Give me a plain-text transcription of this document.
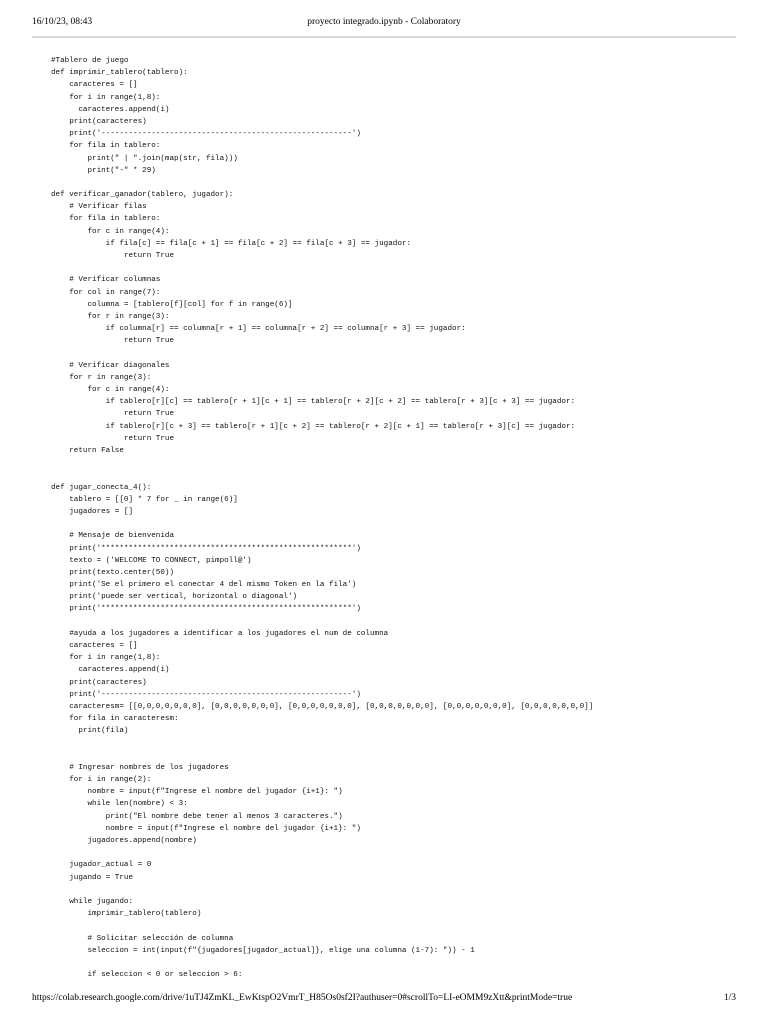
16/10/23, 08:43	proyecto integrado.ipynb - Colaboratory
#Tablero de juego
def imprimir_tablero(tablero):
caracteres = []
for i in range(1,8):
caracteres.append(i)
print(caracteres)
print('-------------------------------------------------------')
for fila in tablero:
print(" | ".join(map(str, fila)))
print("-" * 29)
def verificar_ganador(tablero, jugador):
# Verificar filas
for fila in tablero:
for c in range(4):
if fila[c] == fila[c + 1] == fila[c + 2] == fila[c + 3] == jugador:
return True
# Verificar columnas
for col in range(7):
columna = [tablero[f][col] for f in range(6)]
for r in range(3):
if columna[r] == columna[r + 1] == columna[r + 2] == columna[r + 3] == jugador:
return True
# Verificar diagonales
for r in range(3):
for c in range(4):
if tablero[r][c] == tablero[r + 1][c + 1] == tablero[r + 2][c + 2] == tablero[r + 3][c + 3] == jugador:
return True
if tablero[r][c + 3] == tablero[r + 1][c + 2] == tablero[r + 2][c + 1] == tablero[r + 3][c] == jugador:
return True
return False
def jugar_conecta_4():
tablero = [[0] * 7 for _ in range(6)]
jugadores = []
# Mensaje de bienvenida
print('*******************************************************')
texto = ('WELCOME TO CONNECT, pimpoll@')
print(texto.center(50))
print('Se el primero el conectar 4 del mismo Token en la fila')
print('puede ser vertical, horizontal o diagonal')
print('*******************************************************')
#ayuda a los jugadores a identificar a los jugadores el num de columna
caracteres = []
for i in range(1,8):
caracteres.append(i)
print(caracteres)
print('-------------------------------------------------------')
caracteresm= [[0,0,0,0,0,0,0], [0,0,0,0,0,0,0], [0,0,0,0,0,0,0], [0,0,0,0,0,0,0], [0,0,0,0,0,0,0], [0,0,0,0,0,0,0]]
for fila in caracteresm:
print(fila)
# Ingresar nombres de los jugadores
for i in range(2):
nombre = input(f"Ingrese el nombre del jugador {i+1}: ")
while len(nombre) < 3:
print("El nombre debe tener al menos 3 caracteres.")
nombre = input(f"Ingrese el nombre del jugador {i+1}: ")
jugadores.append(nombre)
jugador_actual = 0
jugando = True
while jugando:
imprimir_tablero(tablero)
# Solicitar selección de columna
seleccion = int(input(f"{jugadores[jugador_actual]}, elige una columna (1-7): ")) - 1
if seleccion < 0 or seleccion > 6:
https://colab.research.google.com/drive/1uTJ4ZmKL_EwKtspO2VmrT_H85Os0sf2I?authuser=0#scrollTo=LI-eOMM9zXtt&printMode=true	1/3
